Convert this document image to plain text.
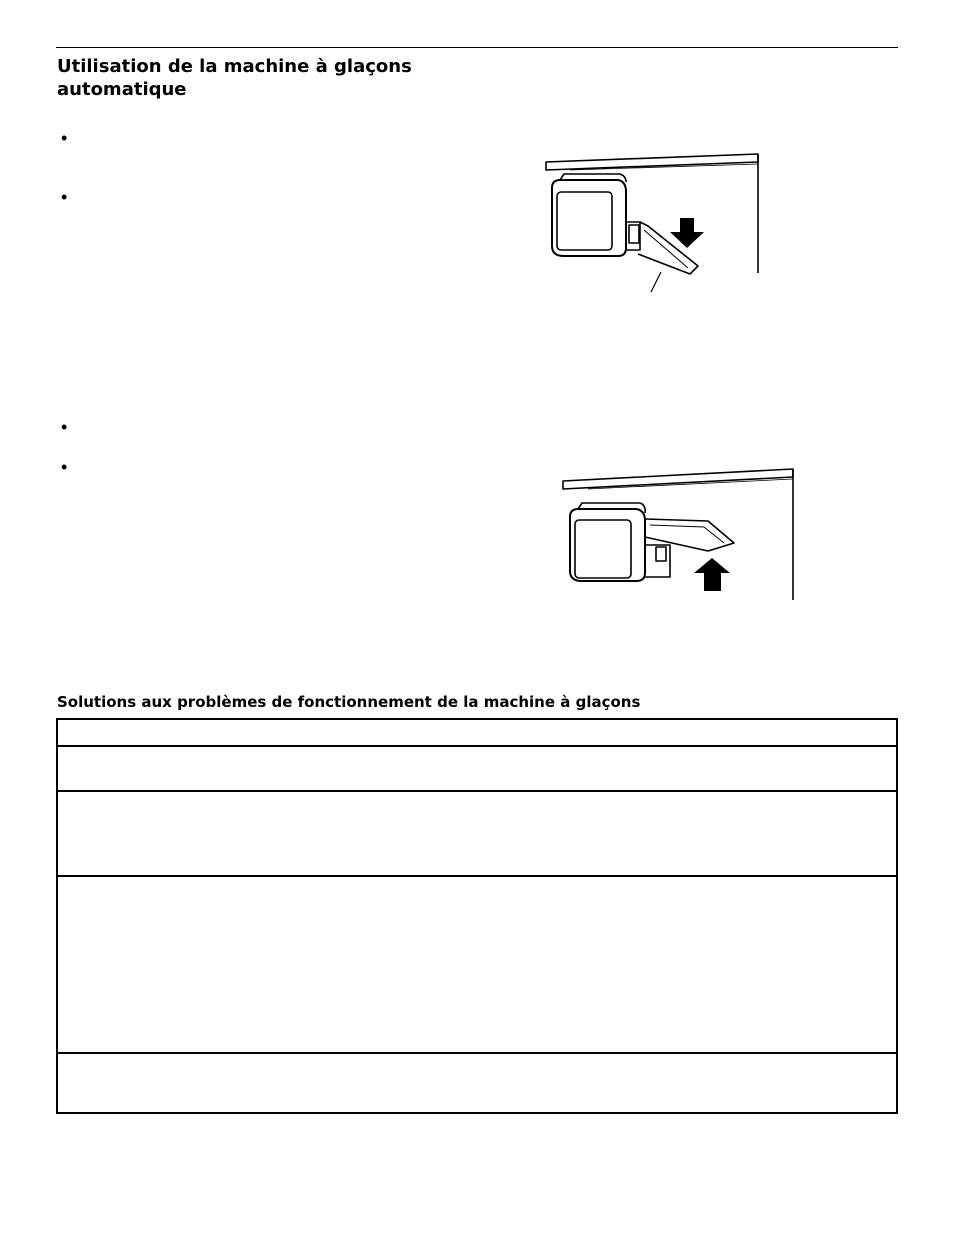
Utilisation de la machine à glaçons
automatique
•
•
•
•
Solutions aux problèmes de fonctionnement de la machine à glaçons
